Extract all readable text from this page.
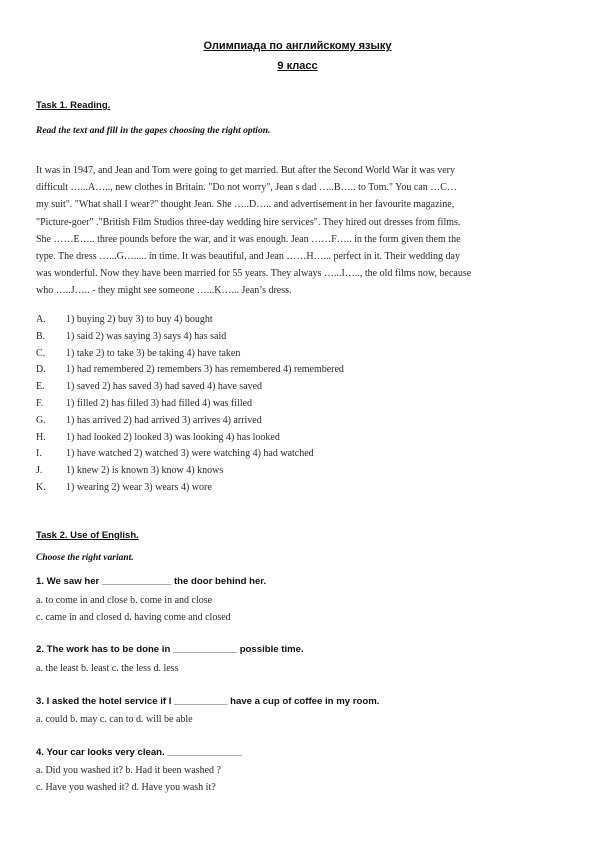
Олимпиада по английскому языку
9 класс
Task 1. Reading.
Read the text and fill in the gapes choosing the right option.
It was in 1947, and Jean and Tom were going to get married. But after the Second World War it was very
difficult …...A….., new clothes in Britain. "Do not worry", Jean s dad …..B….. to Tom." You can …C…
my suit". "What shall I wear?" thought Jean. She …..D….. and advertisement in her favourite magazine,
"Picture-goer" ."British Film Studios three-day wedding hire services". They hired out dresses from films.
She ……E….. three pounds before the war, and it was enough. Jean ……F….. in the form given them the
type. The dress …...G…..... in time. It was beautiful, and Jean ……H…... perfect in it. Their wedding day
was wonderful. Now they have been married for 55 years. They always …...I….., the old films now, because
who …..J….. - they might see someone …...K…... Jean’s dress.
A. 1) buying 2) buy 3) to buy 4) bought
B. 1) said 2) was saying 3) says 4) has said
C. 1) take 2) to take 3) be taking 4) have taken
D. 1) had remembered 2) remembers 3) has remembered 4) remembered
E. 1) saved 2) has saved 3) had saved 4) have saved
F. 1) filled 2) has filled 3) had filled 4) was filled
G. 1) has arrived 2) had arrived 3) arrives 4) arrived
H. 1) had looked 2) looked 3) was looking 4) has looked
I. 1) have watched 2) watched 3) were watching 4) had watched
J. 1) knew 2) is known 3) know 4) knows
K. 1) wearing 2) wear 3) wears 4) wore
Task 2. Use of English.
Choose the right variant.
1. We saw her _____________ the door behind her.
a. to come in and close b. come in and close
c. came in and closed d. having come and closed
2. The work has to be done in ____________ possible time.
a. the least b. least c. the less d. less
3. I asked the hotel service if I __________ have a cup of coffee in my room.
a. could b. may c. can to d. will be able
4. Your car looks very clean. ______________
a. Did you washed it? b. Had it been washed ?
c. Have you washed it? d. Have you wash it?
